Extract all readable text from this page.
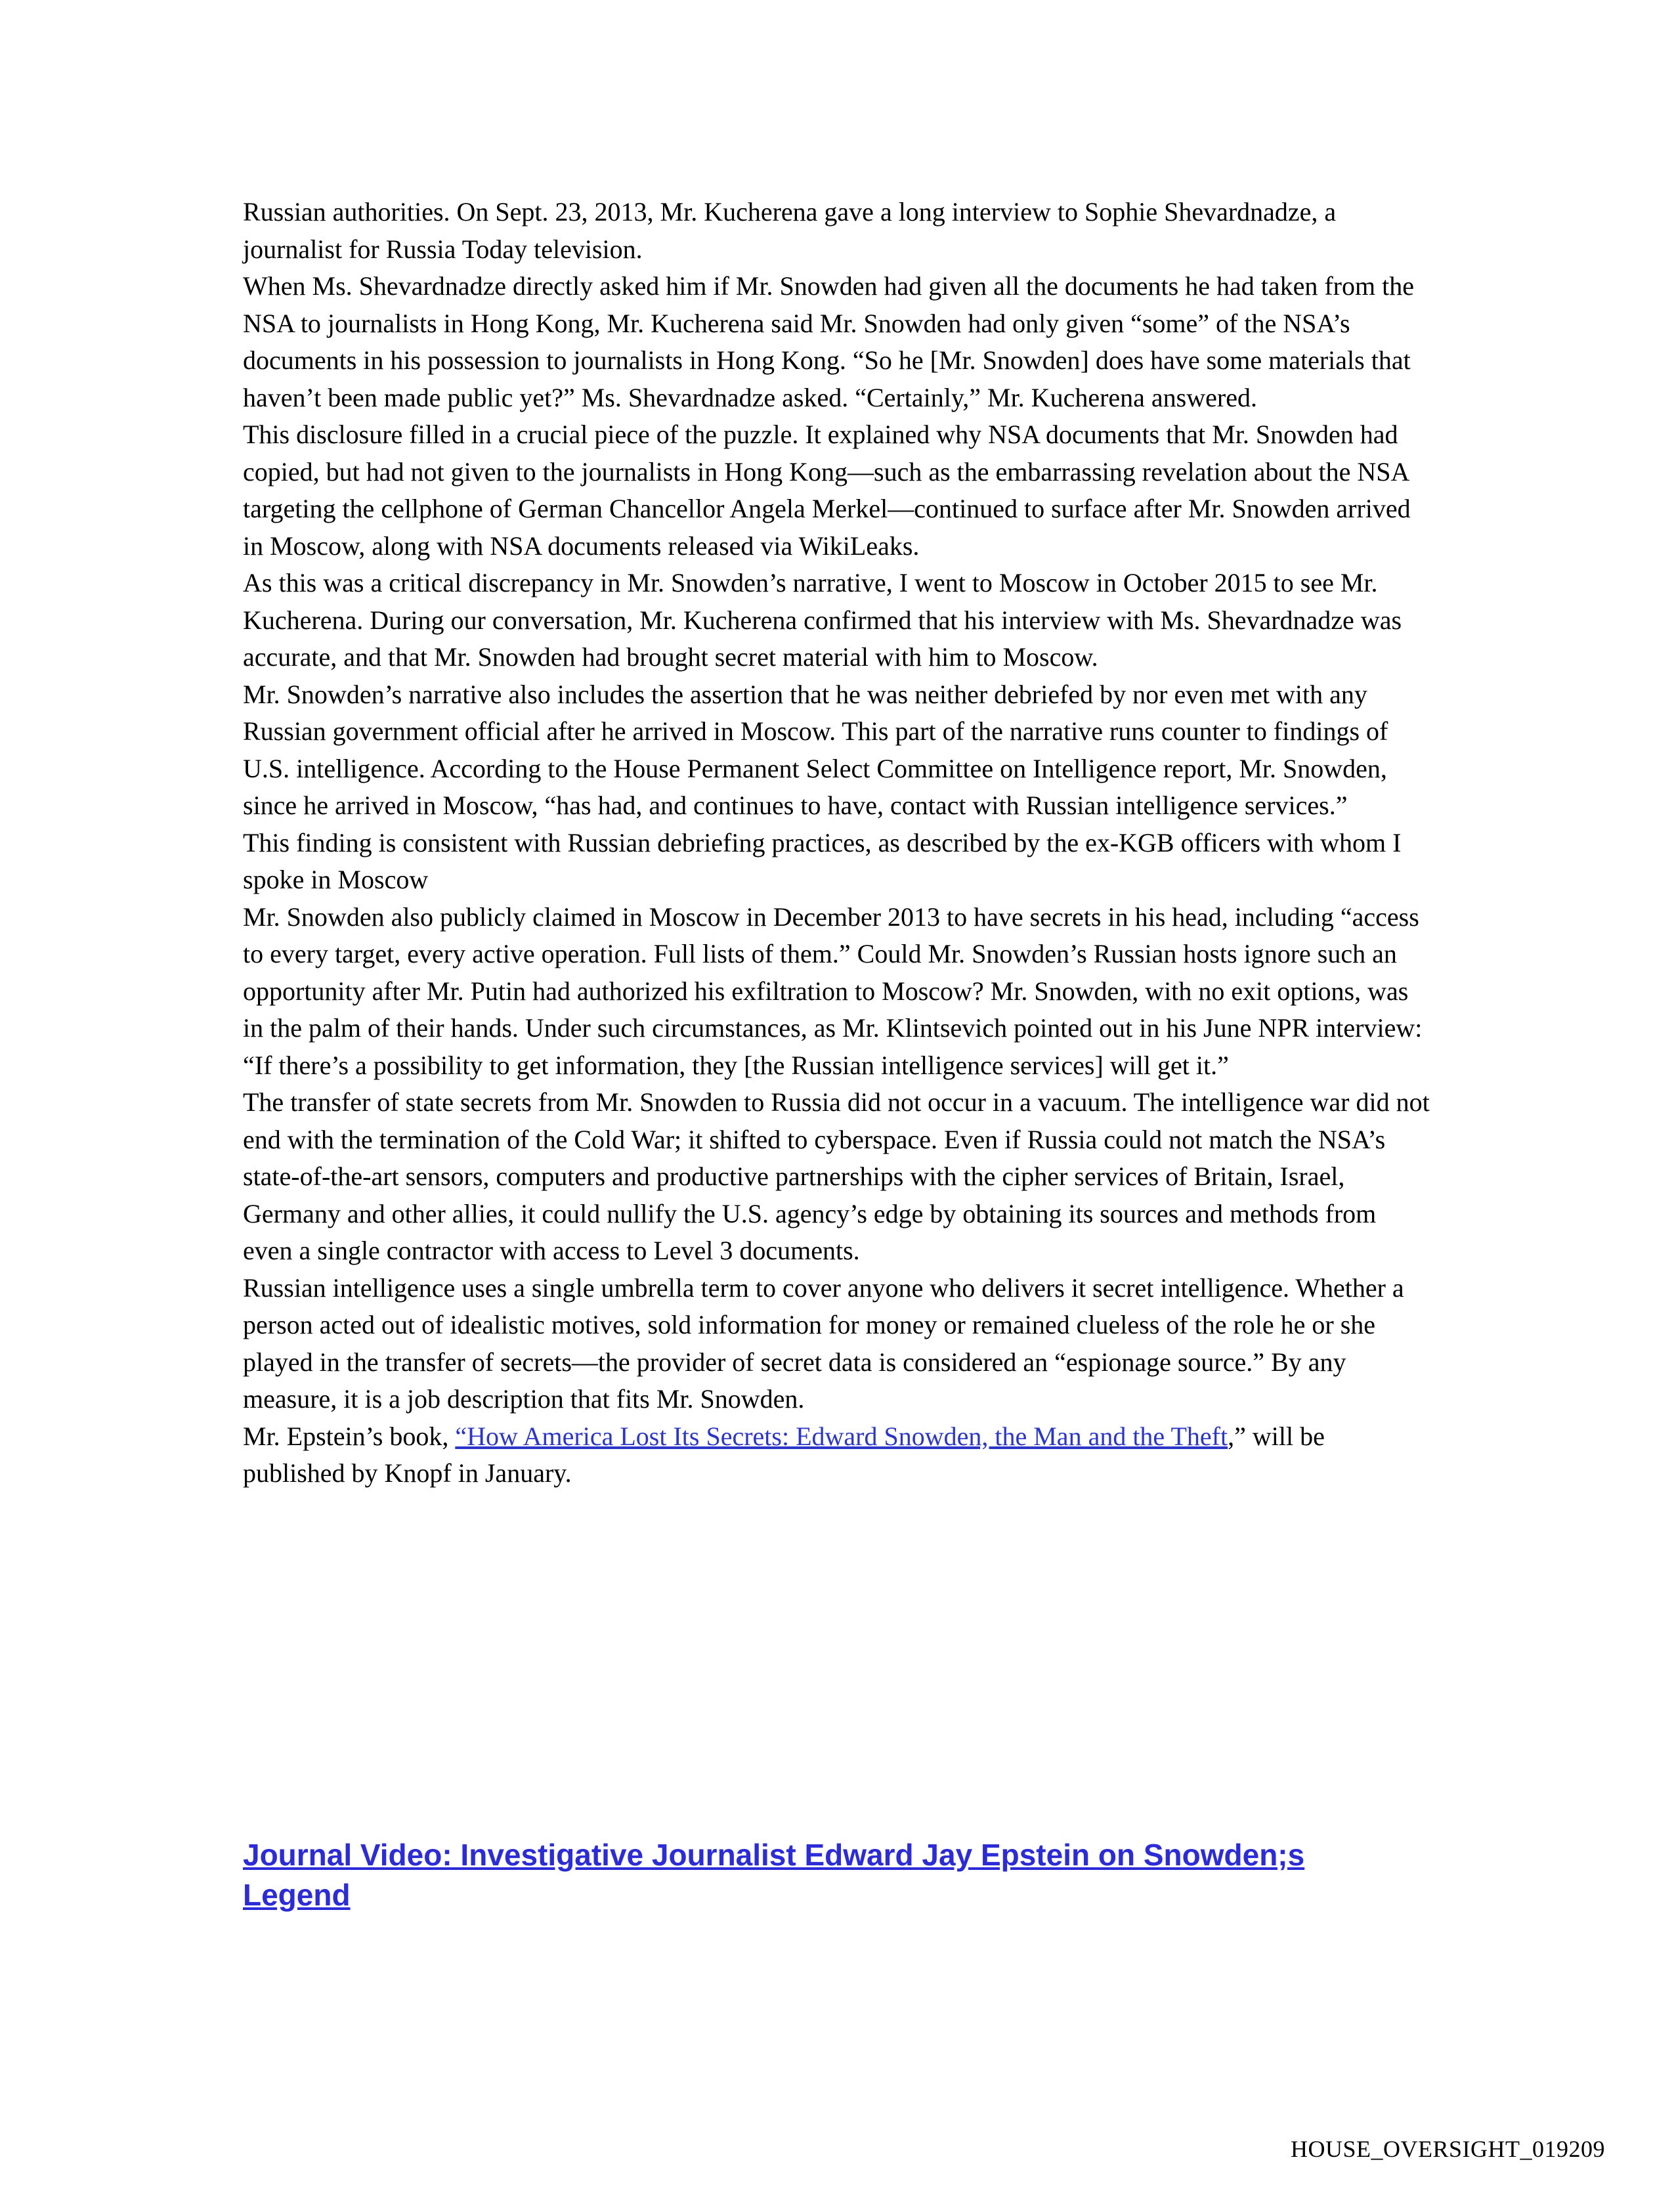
Russian authorities. On Sept. 23, 2013, Mr. Kucherena gave a long interview to Sophie Shevardnadze, a journalist for Russia Today television.

When Ms. Shevardnadze directly asked him if Mr. Snowden had given all the documents he had taken from the NSA to journalists in Hong Kong, Mr. Kucherena said Mr. Snowden had only given “some” of the NSA’s documents in his possession to journalists in Hong Kong. “So he [Mr. Snowden] does have some materials that haven’t been made public yet?” Ms. Shevardnadze asked. “Certainly,” Mr. Kucherena answered.

This disclosure filled in a crucial piece of the puzzle. It explained why NSA documents that Mr. Snowden had copied, but had not given to the journalists in Hong Kong—such as the embarrassing revelation about the NSA targeting the cellphone of German Chancellor Angela Merkel—continued to surface after Mr. Snowden arrived in Moscow, along with NSA documents released via WikiLeaks.

As this was a critical discrepancy in Mr. Snowden’s narrative, I went to Moscow in October 2015 to see Mr. Kucherena. During our conversation, Mr. Kucherena confirmed that his interview with Ms. Shevardnadze was accurate, and that Mr. Snowden had brought secret material with him to Moscow.

Mr. Snowden’s narrative also includes the assertion that he was neither debriefed by nor even met with any Russian government official after he arrived in Moscow. This part of the narrative runs counter to findings of U.S. intelligence. According to the House Permanent Select Committee on Intelligence report, Mr. Snowden, since he arrived in Moscow, “has had, and continues to have, contact with Russian intelligence services.”

This finding is consistent with Russian debriefing practices, as described by the ex-KGB officers with whom I spoke in Moscow

Mr. Snowden also publicly claimed in Moscow in December 2013 to have secrets in his head, including “access to every target, every active operation. Full lists of them.” Could Mr. Snowden’s Russian hosts ignore such an opportunity after Mr. Putin had authorized his exfiltration to Moscow? Mr. Snowden, with no exit options, was in the palm of their hands. Under such circumstances, as Mr. Klintsevich pointed out in his June NPR interview: “If there’s a possibility to get information, they [the Russian intelligence services] will get it.”

The transfer of state secrets from Mr. Snowden to Russia did not occur in a vacuum. The intelligence war did not end with the termination of the Cold War; it shifted to cyberspace. Even if Russia could not match the NSA’s state-of-the-art sensors, computers and productive partnerships with the cipher services of Britain, Israel, Germany and other allies, it could nullify the U.S. agency’s edge by obtaining its sources and methods from even a single contractor with access to Level 3 documents.

Russian intelligence uses a single umbrella term to cover anyone who delivers it secret intelligence. Whether a person acted out of idealistic motives, sold information for money or remained clueless of the role he or she played in the transfer of secrets—the provider of secret data is considered an “espionage source.” By any measure, it is a job description that fits Mr. Snowden.

Mr. Epstein’s book, “How America Lost Its Secrets: Edward Snowden, the Man and the Theft,” will be published by Knopf in January.

Journal Video: Investigative Journalist Edward Jay Epstein on Snowden;s Legend
HOUSE_OVERSIGHT_019209
